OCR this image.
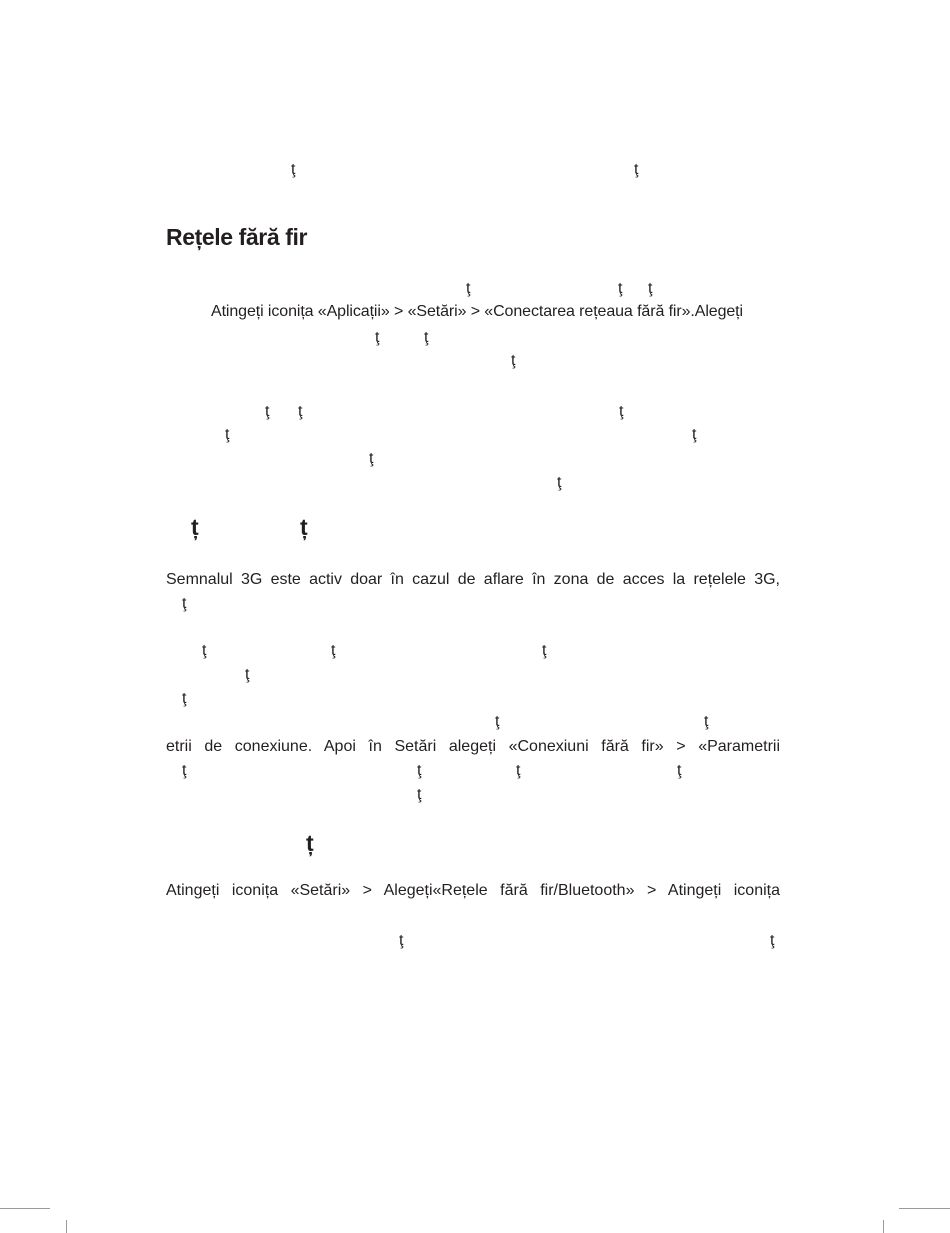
ţ	ţ
Rețele fără fir
ţ	ţ ţ
Atingeți iconița «Aplicații» > «Setări» > «Conectarea rețeaua fără fir».Alegeți
ţ	ţ
ţ
ţ ţ	ţ
ţ	ţ
ţ
ţ
ț	ț
Semnalul 3G este activ doar în cazul de aflare în zona de acces la rețelele 3G,
ţ
ţ	ţ	ţ
ţ
ţ
ţ	ţ
etrii de conexiune. Apoi în Setări alegeți «Conexiuni fără fir» > «Parametrii
ţ	ţ	ţ	ţ
ţ
ț
Atingeți iconița «Setări» > Alegeți«Rețele fără fir/Bluetooth» > Atingeți iconița
ţ	ţ
